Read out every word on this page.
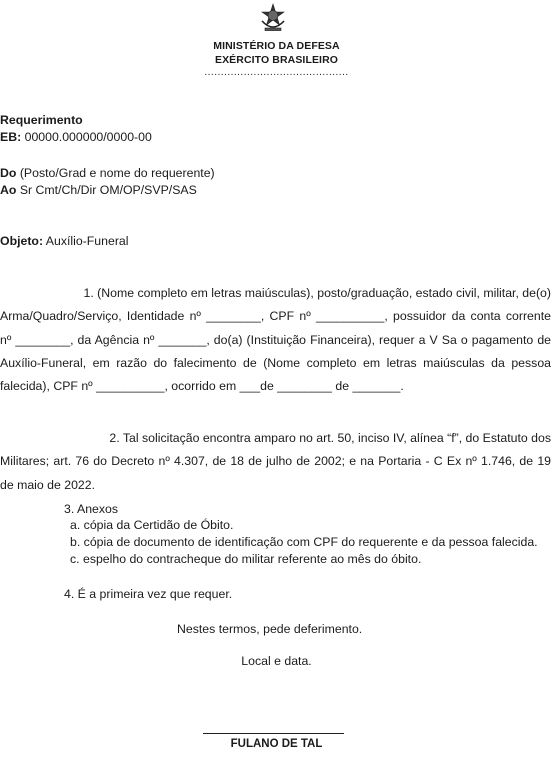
MINISTÉRIO DA DEFESA
EXÉRCITO BRASILEIRO
............................................
Requerimento
EB: 00000.000000/0000-00
Do (Posto/Grad e nome do requerente)
Ao Sr Cmt/Ch/Dir OM/OP/SVP/SAS
Objeto: Auxílio-Funeral
1. (Nome completo em letras maiúsculas), posto/graduação, estado civil, militar, de(o)
Arma/Quadro/Serviço, Identidade nº ________, CPF nº __________, possuidor da conta corrente
nº ________, da Agência nº _______, do(a) (Instituição Financeira), requer a V Sa o pagamento de
Auxílio-Funeral, em razão do falecimento de (Nome completo em letras maiúsculas da pessoa
falecida), CPF nº __________, ocorrido em ___de ________ de _______.
2. Tal solicitação encontra amparo no art. 50, inciso IV, alínea “f”, do Estatuto dos
Militares; art. 76 do Decreto nº 4.307, de 18 de julho de 2002; e na Portaria - C Ex nº 1.746, de 19
de maio de 2022.
3. Anexos
a. cópia da Certidão de Óbito.
b. cópia de documento de identificação com CPF do requerente e da pessoa falecida.
c. espelho do contracheque do militar referente ao mês do óbito.
4. É a primeira vez que requer.
Nestes termos, pede deferimento.
Local e data.
FULANO DE TAL
